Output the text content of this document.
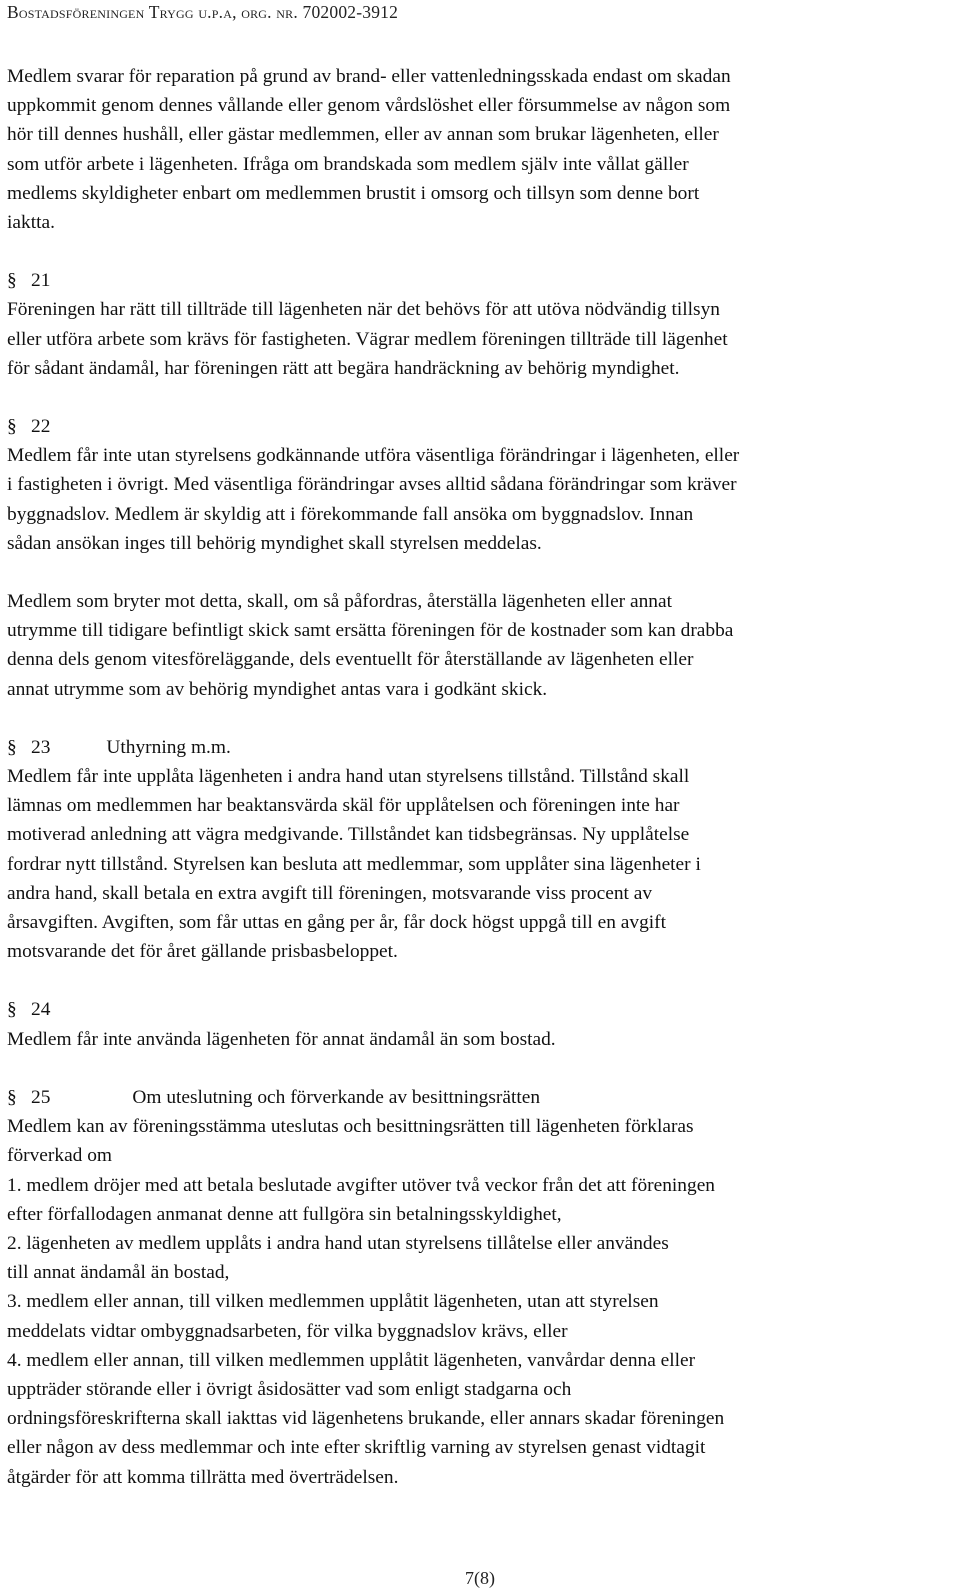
Bostadsföreningen Trygg u.p.a, org. nr. 702002-3912
Medlem svarar för reparation på grund av brand- eller vattenledningsskada endast om skadan
uppkommit genom dennes vållande eller genom vårdslöshet eller försummelse av någon som
hör till dennes hushåll, eller gästar medlemmen, eller av annan som brukar lägenheten, eller
som utför arbete i lägenheten. Ifråga om brandskada som medlem själv inte vållat gäller
medlems skyldigheter enbart om medlemmen brustit i omsorg och tillsyn som denne bort
iaktta.
§ 21
Föreningen har rätt till tillträde till lägenheten när det behövs för att utöva nödvändig tillsyn
eller utföra arbete som krävs för fastigheten. Vägrar medlem föreningen tillträde till lägenhet
för sådant ändamål, har föreningen rätt att begära handräckning av behörig myndighet.
§ 22
Medlem får inte utan styrelsens godkännande utföra väsentliga förändringar i lägenheten, eller
i fastigheten i övrigt. Med väsentliga förändringar avses alltid sådana förändringar som kräver
byggnadslov. Medlem är skyldig att i förekommande fall ansöka om byggnadslov. Innan
sådan ansökan inges till behörig myndighet skall styrelsen meddelas.
Medlem som bryter mot detta, skall, om så påfordras, återställa lägenheten eller annat
utrymme till tidigare befintligt skick samt ersätta föreningen för de kostnader som kan drabba
denna dels genom vitesföreläggande, dels eventuellt för återställande av lägenheten eller
annat utrymme som av behörig myndighet antas vara i godkänt skick.
§ 23	Uthyrning m.m.
Medlem får inte upplåta lägenheten i andra hand utan styrelsens tillstånd. Tillstånd skall
lämnas om medlemmen har beaktansvärda skäl för upplåtelsen och föreningen inte har
motiverad anledning att vägra medgivande. Tillståndet kan tidsbegränsas. Ny upplåtelse
fordrar nytt tillstånd. Styrelsen kan besluta att medlemmar, som upplåter sina lägenheter i
andra hand, skall betala en extra avgift till föreningen, motsvarande viss procent av
årsavgiften. Avgiften, som får uttas en gång per år, får dock högst uppgå till en avgift
motsvarande det för året gällande prisbasbeloppet.
§ 24
Medlem får inte använda lägenheten för annat ändamål än som bostad.
§ 25	Om uteslutning och förverkande av besittningsrätten
Medlem kan av föreningsstämma uteslutas och besittningsrätten till lägenheten förklaras
förverkad om
1. medlem dröjer med att betala beslutade avgifter utöver två veckor från det att föreningen
efter förfallodagen anmanat denne att fullgöra sin betalningsskyldighet,
2. lägenheten av medlem upplåts i andra hand utan styrelsens tillåtelse eller användes
till annat ändamål än bostad,
3. medlem eller annan, till vilken medlemmen upplåtit lägenheten, utan att styrelsen
meddelats vidtar ombyggnadsarbeten, för vilka byggnadslov krävs, eller
4. medlem eller annan, till vilken medlemmen upplåtit lägenheten, vanvårdar denna eller
uppträder störande eller i övrigt åsidosätter vad som enligt stadgarna och
ordningsföreskrifterna skall iakttas vid lägenhetens brukande, eller annars skadar föreningen
eller någon av dess medlemmar och inte efter skriftlig varning av styrelsen genast vidtagit
åtgärder för att komma tillrätta med överträdelsen.
7(8)
